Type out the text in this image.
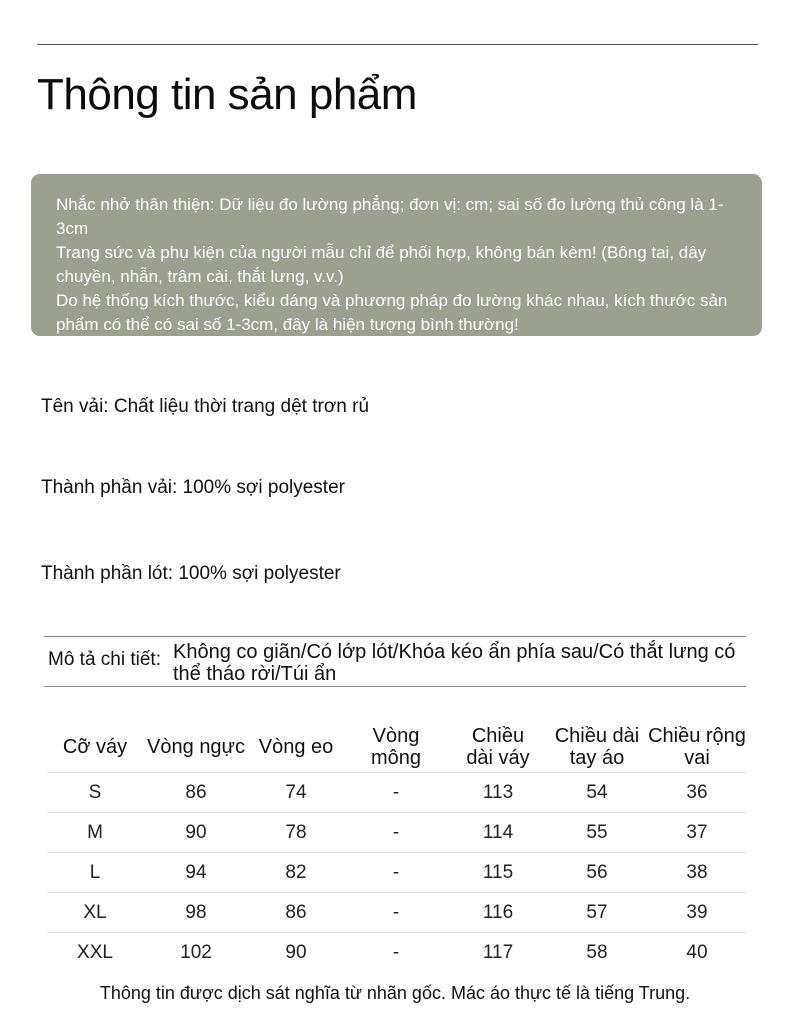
Thông tin sản phẩm

Nhắc nhở thân thiện: Dữ liệu đo lường phẳng; đơn vị: cm; sai số đo lường thủ công là 1-3cm

Trang sức và phụ kiện của người mẫu chỉ để phối hợp, không bán kèm! (Bông tai, dây chuyền, nhẫn, trâm cài, thắt lưng, v.v.)

Do hệ thống kích thước, kiểu dáng và phương pháp đo lường khác nhau, kích thước sản phẩm có thể có sai số 1-3cm, đây là hiện tượng bình thường!

Tên vải: Chất liệu thời trang dệt trơn rủ
Thành phần vải: 100% sợi polyester
Thành phần lót: 100% sợi polyester
Mô tả chi tiết: Không co giãn/Có lớp lót/Khóa kéo ẩn phía sau/Có thắt lưng có thể tháo rời/Túi ẩn
Cỡ váy	Vòng ngực	Vòng eo	Vòng mông	Chiều dài váy	Chiều dài tay áo	Chiều rộng vai
S	86	74	-	113	54	36
M	90	78	-	114	55	37
L	94	82	-	115	56	38
XL	98	86	-	116	57	39
XXL	102	90	-	117	58	40
Thông tin được dịch sát nghĩa từ nhãn gốc. Mác áo thực tế là tiếng Trung.
